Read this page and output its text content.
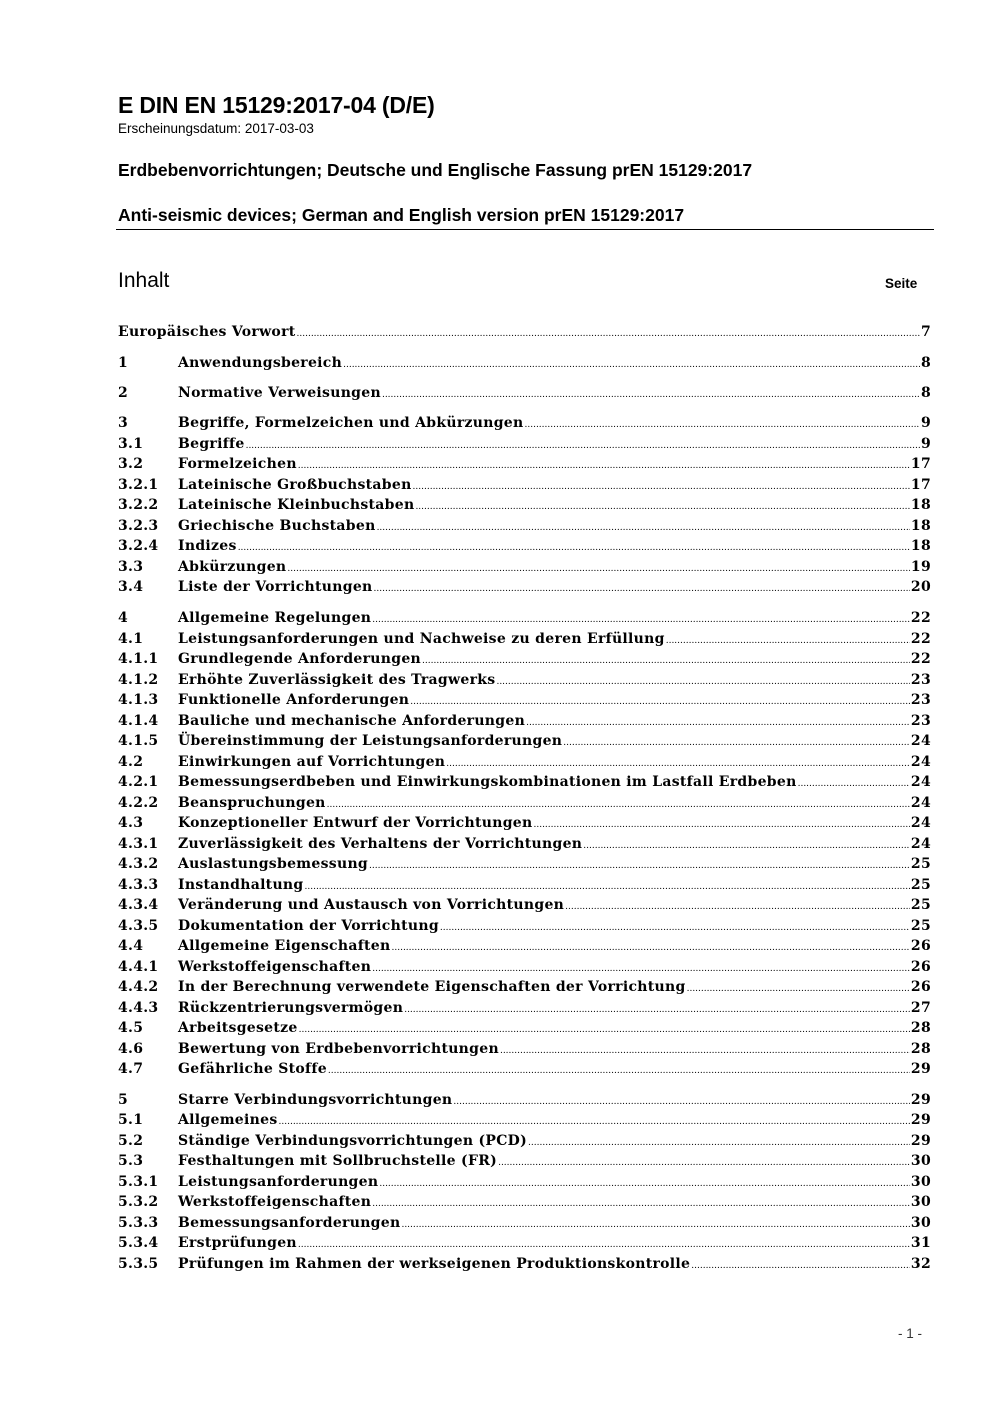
E DIN EN 15129:2017-04 (D/E)
Erscheinungsdatum: 2017-03-03
Erdbebenvorrichtungen; Deutsche und Englische Fassung prEN 15129:2017
Anti-seismic devices; German and English version prEN 15129:2017
Inhalt	Seite
Europäisches Vorwort .....	7
1	Anwendungsbereich .....	8
2	Normative Verweisungen .....	8
3	Begriffe, Formelzeichen und Abkürzungen .....	9
3.1	Begriffe .....	9
3.2	Formelzeichen .....	17
3.2.1	Lateinische Großbuchstaben .....	17
3.2.2	Lateinische Kleinbuchstaben .....	18
3.2.3	Griechische Buchstaben .....	18
3.2.4	Indizes .....	18
3.3	Abkürzungen .....	19
3.4	Liste der Vorrichtungen .....	20
4	Allgemeine Regelungen .....	22
4.1	Leistungsanforderungen und Nachweise zu deren Erfüllung .....	22
4.1.1	Grundlegende Anforderungen .....	22
4.1.2	Erhöhte Zuverlässigkeit des Tragwerks .....	23
4.1.3	Funktionelle Anforderungen .....	23
4.1.4	Bauliche und mechanische Anforderungen .....	23
4.1.5	Übereinstimmung der Leistungsanforderungen .....	24
4.2	Einwirkungen auf Vorrichtungen .....	24
4.2.1	Bemessungserdbeben und Einwirkungskombinationen im Lastfall Erdbeben .....	24
4.2.2	Beanspruchungen .....	24
4.3	Konzeptioneller Entwurf der Vorrichtungen .....	24
4.3.1	Zuverlässigkeit des Verhaltens der Vorrichtungen .....	24
4.3.2	Auslastungsbemessung .....	25
4.3.3	Instandhaltung .....	25
4.3.4	Veränderung und Austausch von Vorrichtungen .....	25
4.3.5	Dokumentation der Vorrichtung .....	25
4.4	Allgemeine Eigenschaften .....	26
4.4.1	Werkstoffeigenschaften .....	26
4.4.2	In der Berechnung verwendete Eigenschaften der Vorrichtung .....	26
4.4.3	Rückzentrierungsvermögen .....	27
4.5	Arbeitsgesetze .....	28
4.6	Bewertung von Erdbebenvorrichtungen .....	28
4.7	Gefährliche Stoffe .....	29
5	Starre Verbindungsvorrichtungen .....	29
5.1	Allgemeines .....	29
5.2	Ständige Verbindungsvorrichtungen (PCD) .....	29
5.3	Festhaltungen mit Sollbruchstelle (FR) .....	30
5.3.1	Leistungsanforderungen .....	30
5.3.2	Werkstoffeigenschaften .....	30
5.3.3	Bemessungsanforderungen .....	30
5.3.4	Erstprüfungen .....	31
5.3.5	Prüfungen im Rahmen der werkseigenen Produktionskontrolle .....	32
- 1 -
